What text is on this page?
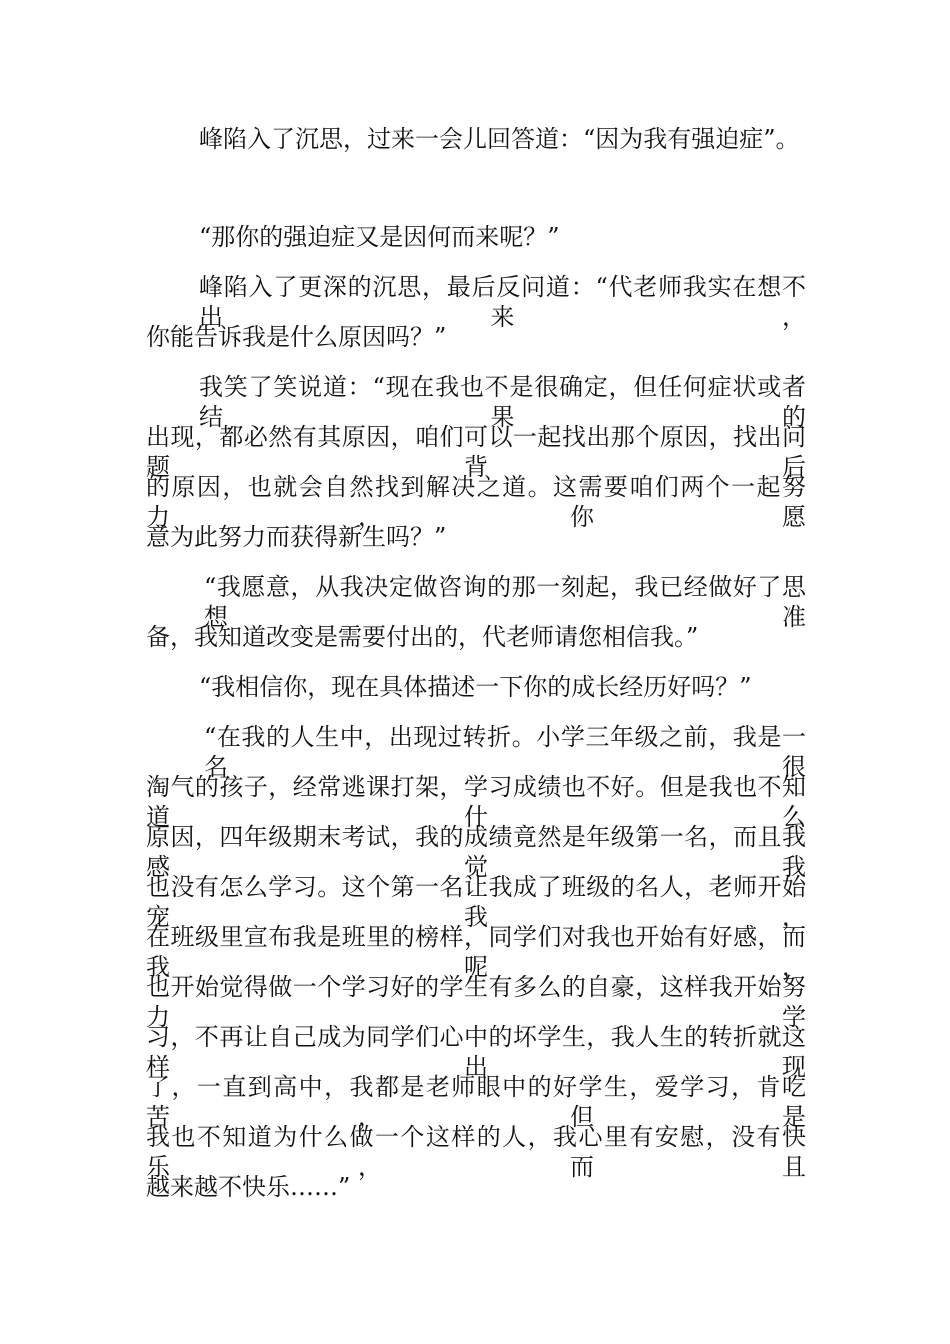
峰陷入了沉思，过来一会儿回答道：“因为我有强迫症”。
“那你的强迫症又是因何而来呢？”
峰陷入了更深的沉思，最后反问道：“代老师我实在想不出来，
你能告诉我是什么原因吗？”
我笑了笑说道：“现在我也不是很确定，但任何症状或者结果的
出现，都必然有其原因，咱们可以一起找出那个原因，找出问题背后
的原因，也就会自然找到解决之道。这需要咱们两个一起努力，你愿
意为此努力而获得新生吗？”
“我愿意，从我决定做咨询的那一刻起，我已经做好了思想准
备，我知道改变是需要付出的，代老师请您相信我。”
“我相信你，现在具体描述一下你的成长经历好吗？”
“在我的人生中，出现过转折。小学三年级之前，我是一名很
淘气的孩子，经常逃课打架，学习成绩也不好。但是我也不知道什么
原因，四年级期末考试，我的成绩竟然是年级第一名，而且我感觉我
也没有怎么学习。这个第一名让我成了班级的名人，老师开始宠我，
在班级里宣布我是班里的榜样，同学们对我也开始有好感，而我呢，
也开始觉得做一个学习好的学生有多么的自豪，这样我开始努力学
习，不再让自己成为同学们心中的坏学生，我人生的转折就这样出现
了，一直到高中，我都是老师眼中的好学生，爱学习，肯吃苦，但是
我也不知道为什么做一个这样的人，我心里有安慰，没有快乐，而且
越来越不快乐……”
